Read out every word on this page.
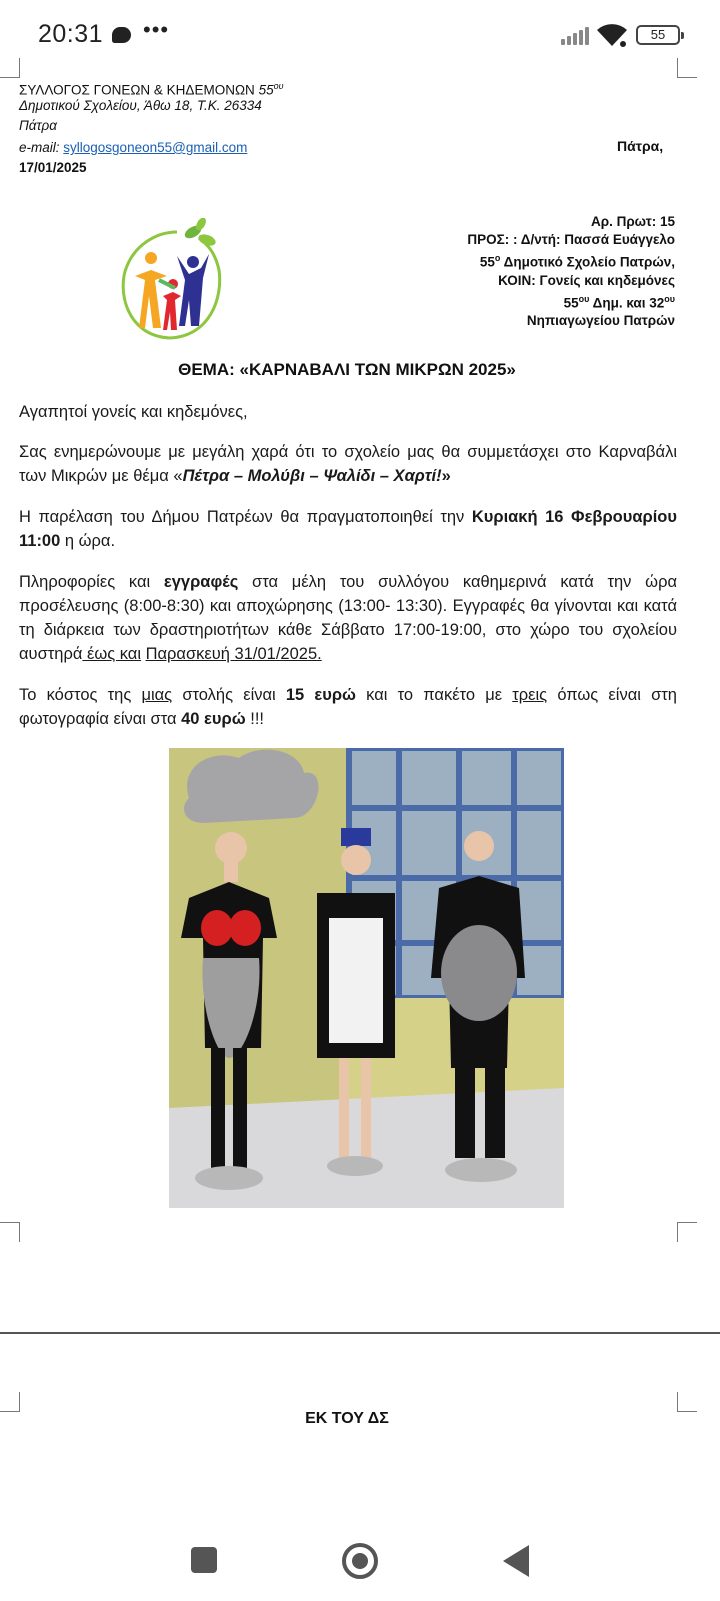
20:31 •••	55
ΣΥΛΛΟΓΟΣ ΓΟΝΕΩΝ & ΚΗΔΕΜΟΝΩΝ $55^{o\upsilon}$
Δημοτικού Σχολείου, Άθω 18, Τ.Κ. 26334
Πάτρα
e-mail: syllogosgoneon55@gmail.com	Πάτρα,
17/01/2025
Αρ. Πρωτ: 15
ΠΡΟΣ: : Δ/ντή: Πασσά Ευάγγελο
$55^o$ Δημοτικό Σχολείο Πατρών,
ΚΟΙΝ: Γονείς και κηδεμόνες
$55^{o\upsilon}$ Δημ. και $32^{o\upsilon}$
Νηπιαγωγείου Πατρών
ΘΕΜΑ: «ΚΑΡΝΑΒΑΛΙ ΤΩΝ ΜΙΚΡΩΝ 2025»
Αγαπητοί γονείς και κηδεμόνες,
Σας ενημερώνουμε με μεγάλη χαρά ότι το σχολείο μας θα συμμετάσχει στο Καρναβάλι των Μικρών με θέμα «Πέτρα – Μολύβι – Ψαλίδι – Χαρτί!»
Η παρέλαση του Δήμου Πατρέων θα πραγματοποιηθεί την Κυριακή 16 Φεβρουαρίου 11:00 η ώρα.
Πληροφορίες και εγγραφές στα μέλη του συλλόγου καθημερινά κατά την ώρα προσέλευσης (8:00-8:30) και αποχώρησης (13:00- 13:30). Εγγραφές θα γίνονται και κατά τη διάρκεια των δραστηριοτήτων κάθε Σάββατο 17:00-19:00, στο χώρο του σχολείου αυστηρά έως και Παρασκευή 31/01/2025.
Το κόστος της μιας στολής είναι 15 ευρώ και το πακέτο με τρεις όπως είναι στη φωτογραφία είναι στα 40 ευρώ !!!
ΕΚ ΤΟΥ ΔΣ
